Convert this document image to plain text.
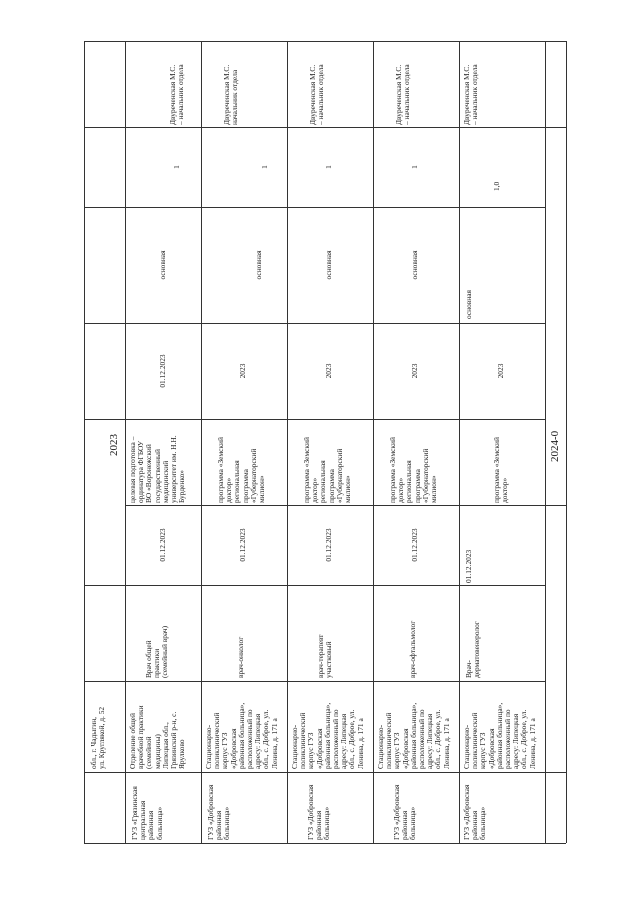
обл., г. Чадыгин,
ул. Круглякой, д. 52
ГУЗ «Грязинская
центральная
районная
больница»
Отделение общей
врачебной практики
(семейной
медицины)
Липецкая обл.,
Грязинский р-н, с.
Ярулково
Врач общей
практики
(семейный врач)
01.12.2023
целевая подготовка –
ординатура ФГБОУ
ВО «Воронежский
государственный
медицинский
университет им. Н.Н.
Бурденко»
01.12.2023
основная
1
Двуреченская М.С.
– начальник отдела
ГУЗ «Добровская
районная
больница»
Стационарно-
поликлинический
корпус ГУЗ
«Добровская
районная больница»,
расположенный по
адресу: Липецкая
обл., с. Доброе, ул.
Ленина, д. 171 а
врач-онколог
01.12.2023
программа «Земский
доктор»
региональная
программа
«Губернаторский
милион»
2023
основная
1
Двуреченская М.С.
начальник отдела
ГУЗ «Добровская
районная
больница»
Стационарно-
поликлинический
корпус ГУЗ
«Добровская
районная больница»,
расположенный по
адресу: Липецкая
обл., с. Доброе, ул.
Ленина, д. 171 а
врач-терапевт
участковый
01.12.2023
программа «Земский
доктор»
региональная
программа
«Губернаторский
милион»
2023
основная
1
Двуреченская М.С.
– начальник отдела
ГУЗ «Добровская
районная
больница»
Стационарно-
поликлинический
корпус ГУЗ
«Добровская
районная больница»,
расположенный по
адресу: Липецкая
обл., с. Доброе, ул.
Ленина, д. 171 а
врач-офтальмолог
01.12.2023
программа «Земский
доктор»
региональная
программа
«Губернаторский
милион»
2023
основная
1
Двуреченская М.С.
– начальник отдела
ГУЗ «Добровская
районная
больница»
Стационарно-
поликлинический
корпус ГУЗ
«Добровская
районная больница»,
расположенный по
адресу: Липецкая
обл., с. Доброе, ул.
Ленина, д. 171 а
Врач-
дерматовенеролог
01.12.2023
программа «Земский
доктор»
2023
основная
1,0
Двуреченская М.С.
– начальник отдела
2023	2024-0
